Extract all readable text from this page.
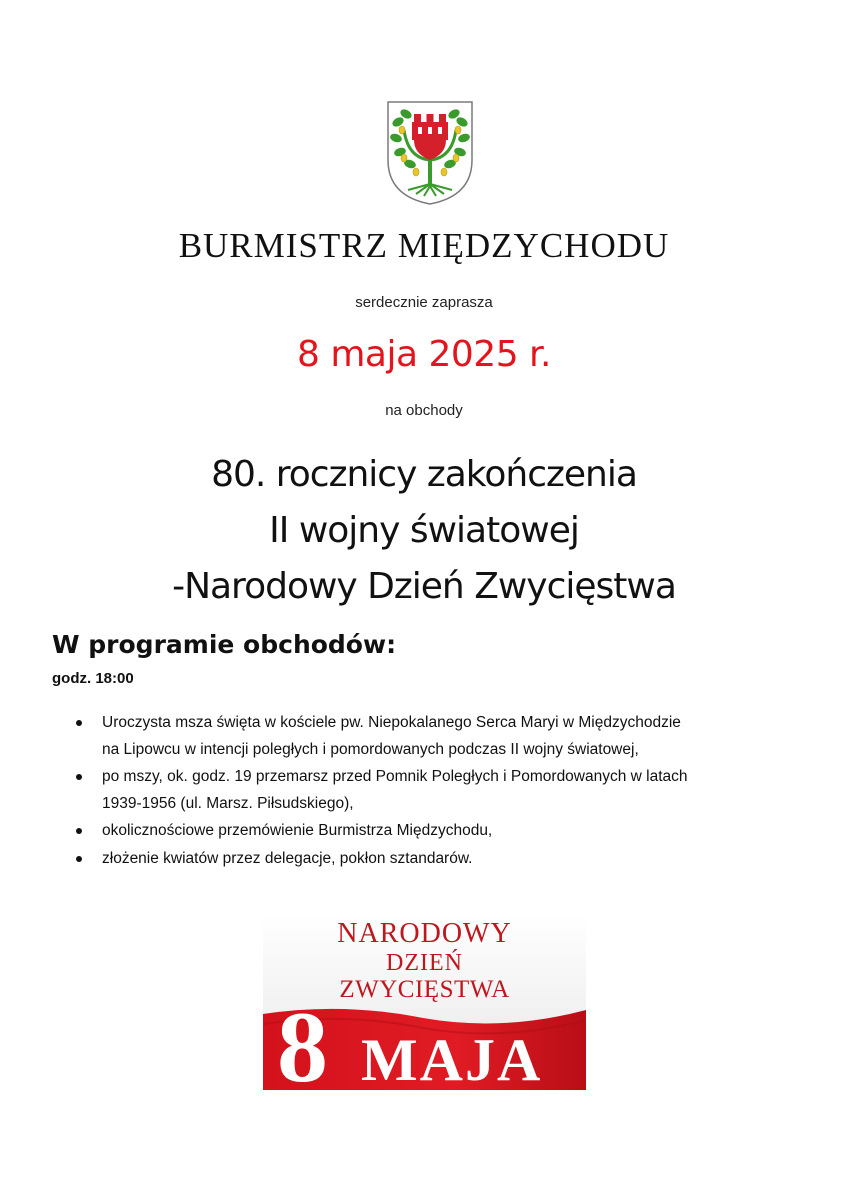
BURMISTRZ MIĘDZYCHODU
serdecznie zaprasza
8 maja 2025 r.
na obchody
80. rocznicy zakończenia
II wojny światowej
-Narodowy Dzień Zwycięstwa
W programie obchodów:
godz. 18:00
Uroczysta msza święta w kościele pw. Niepokalanego Serca Maryi w Międzychodzie
na Lipowcu w intencji poległych i pomordowanych podczas II wojny światowej,
po mszy, ok. godz. 19 przemarsz przed Pomnik Poległych i Pomordowanych w latach
1939-1956 (ul. Marsz. Piłsudskiego),
okolicznościowe przemówienie Burmistrza Międzychodu,
złożenie kwiatów przez delegacje, pokłon sztandarów.
NARODOWY
DZIEŃ
ZWYCIĘSTWA
8 MAJA
